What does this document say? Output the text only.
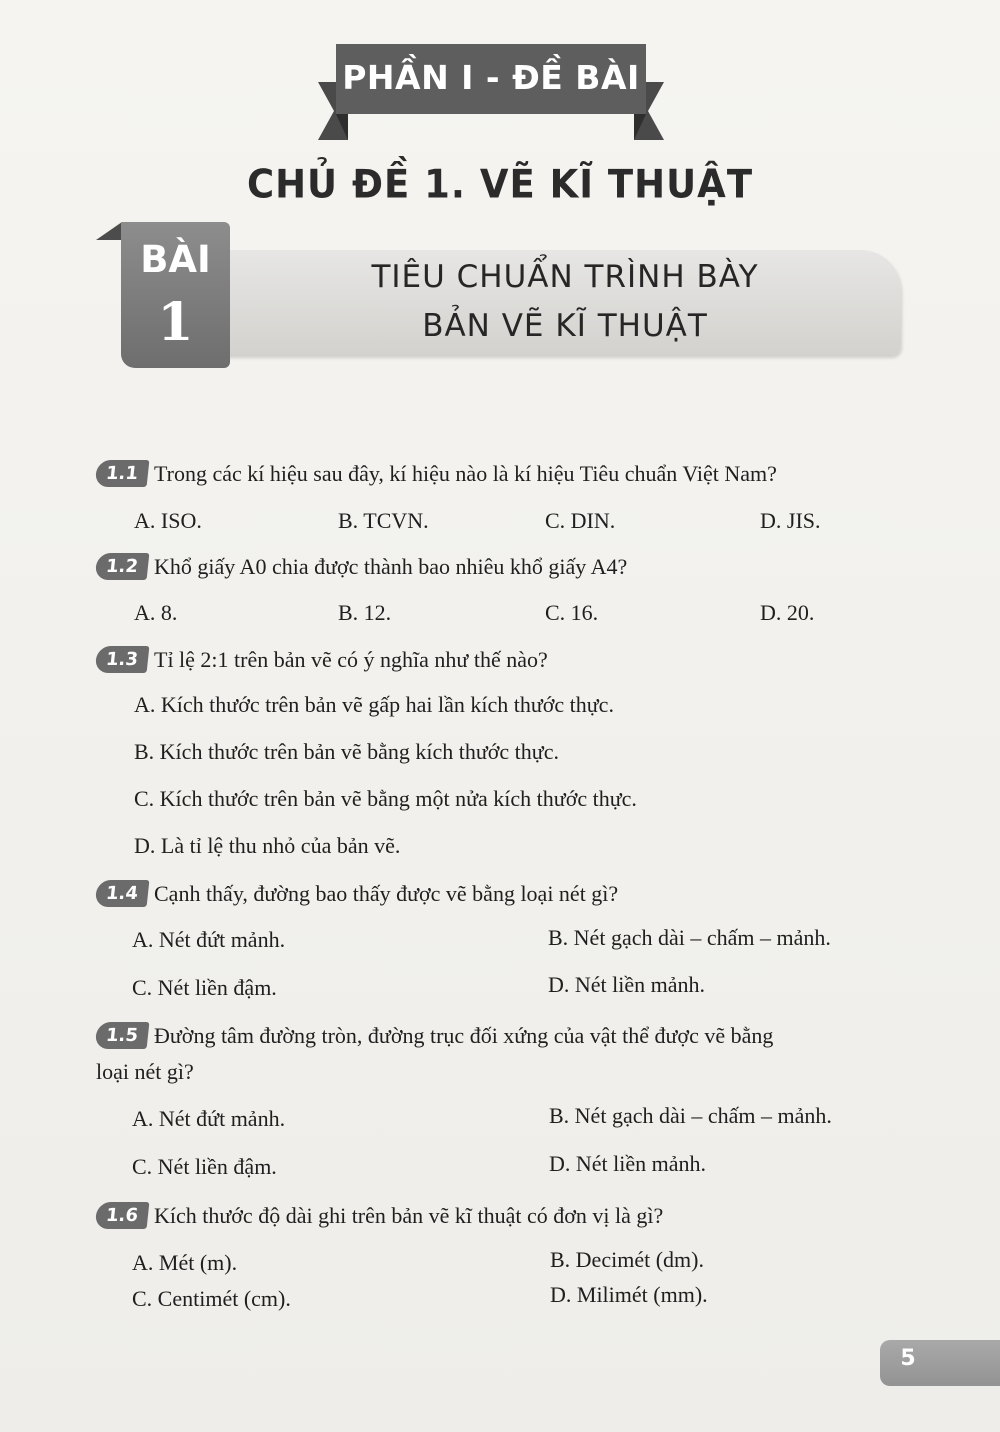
PHẦN I - ĐỀ BÀI
CHỦ ĐỀ 1. VẼ KĨ THUẬT
BÀI
1
TIÊU CHUẨN TRÌNH BÀY
BẢN VẼ KĨ THUẬT
1.1 Trong các kí hiệu sau đây, kí hiệu nào là kí hiệu Tiêu chuẩn Việt Nam?
A. ISO.	B. TCVN.	C. DIN.	D. JIS.
1.2 Khổ giấy A0 chia được thành bao nhiêu khổ giấy A4?
A. 8.	B. 12.	C. 16.	D. 20.
1.3 Tỉ lệ 2:1 trên bản vẽ có ý nghĩa như thế nào?
A. Kích thước trên bản vẽ gấp hai lần kích thước thực.
B. Kích thước trên bản vẽ bằng kích thước thực.
C. Kích thước trên bản vẽ bằng một nửa kích thước thực.
D. Là tỉ lệ thu nhỏ của bản vẽ.
1.4 Cạnh thấy, đường bao thấy được vẽ bằng loại nét gì?
A. Nét đứt mảnh.	B. Nét gạch dài – chấm – mảnh.
C. Nét liền đậm.	D. Nét liền mảnh.
1.5 Đường tâm đường tròn, đường trục đối xứng của vật thể được vẽ bằng
loại nét gì?
A. Nét đứt mảnh.	B. Nét gạch dài – chấm – mảnh.
C. Nét liền đậm.	D. Nét liền mảnh.
1.6 Kích thước độ dài ghi trên bản vẽ kĩ thuật có đơn vị là gì?
A. Mét (m).	B. Decimét (dm).
C. Centimét (cm).	D. Milimét (mm).
5
